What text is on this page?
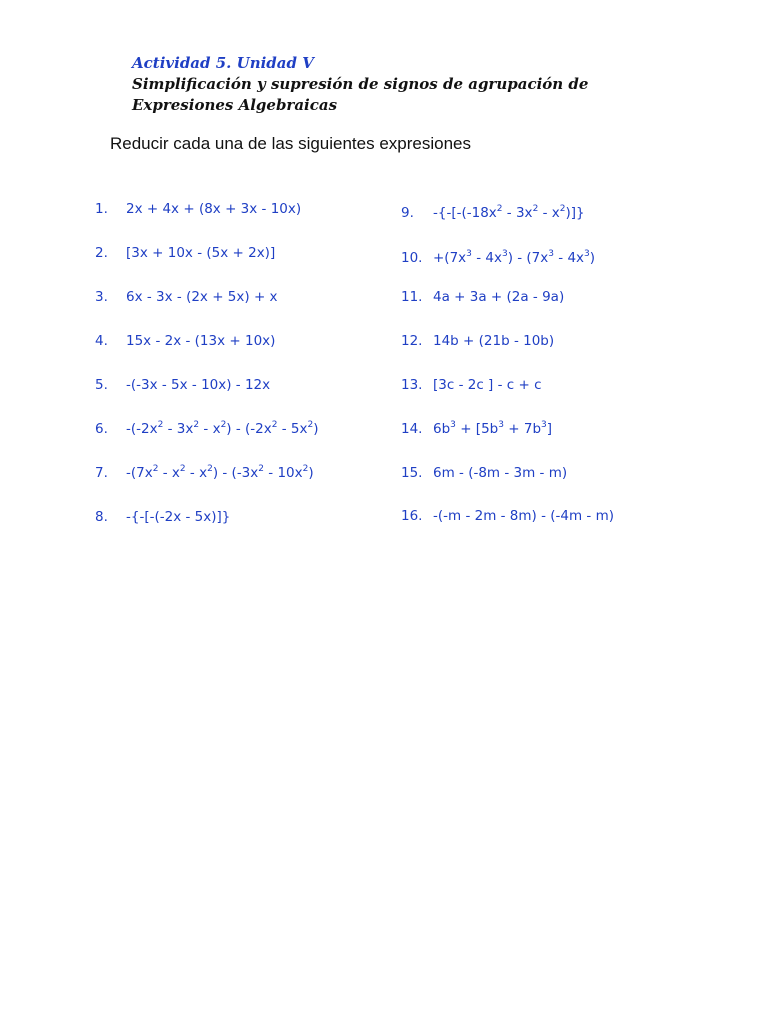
Actividad 5. Unidad V
Simplificación y supresión de signos de agrupación de
Expresiones Algebraicas
Reducir cada una de las siguientes expresiones
1. 2x + 4x + (8x + 3x - 10x)
2. [3x + 10x - (5x + 2x)]
3. 6x - 3x - (2x + 5x) + x
4. 15x - 2x - (13x + 10x)
5. -(-3x - 5x - 10x) - 12x
6. $-(-2x^2 - 3x^2 - x^2) - (-2x^2 - 5x^2)$
7. $-(7x^2 - x^2 - x^2) - (-3x^2 - 10x^2)$
8. -{-[-(-2x - 5x)]}
9. $-\{-[-(-18x^2 - 3x^2 - x^2)]\}$
10. $+(7x^3 - 4x^3) - (7x^3 - 4x^3)$
11. 4a + 3a + (2a - 9a)
12. 14b + (21b - 10b)
13. [3c - 2c ] - c + c
14. $6b^3 + [5b^3 + 7b^3]$
15. 6m - (-8m - 3m - m)
16. -(-m - 2m - 8m) - (-4m - m)
